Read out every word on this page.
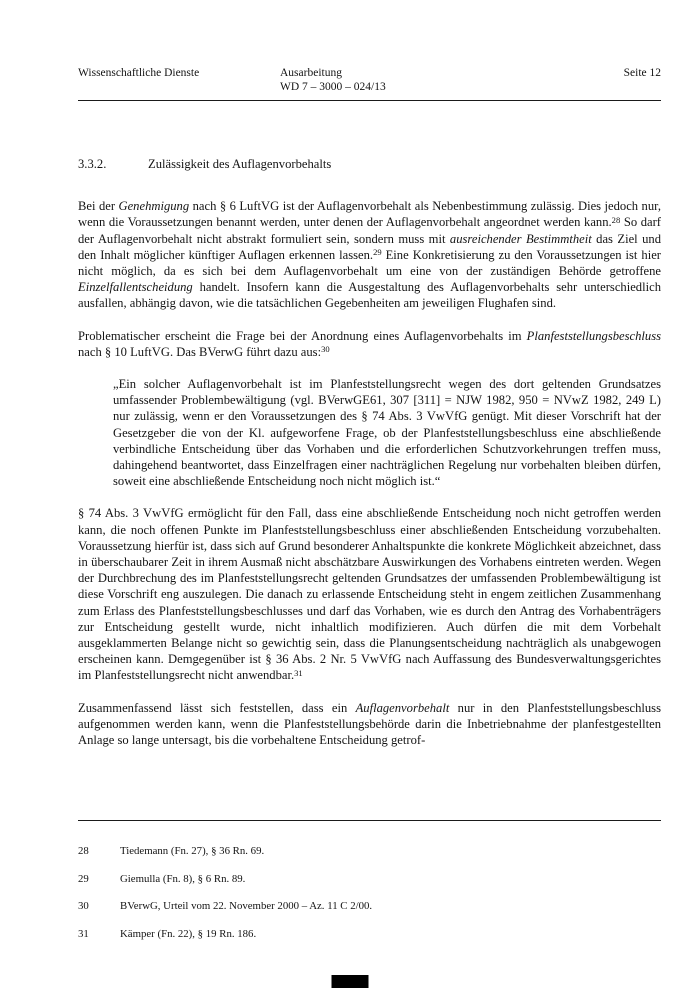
Wissenschaftliche Dienste	Ausarbeitung
WD 7 – 3000 – 024/13
Seite 12
3.3.2.	Zulässigkeit des Auflagenvorbehalts

Bei der Genehmigung nach § 6 LuftVG ist der Auflagenvorbehalt als Nebenbestimmung zulässig. Dies jedoch nur, wenn die Voraussetzungen benannt werden, unter denen der Auflagenvorbehalt angeordnet werden kann.$^{28}$ So darf der Auflagenvorbehalt nicht abstrakt formuliert sein, sondern muss mit ausreichender Bestimmtheit das Ziel und den Inhalt möglicher künftiger Auflagen erkennen lassen.$^{29}$ Eine Konkretisierung zu den Voraussetzungen ist hier nicht möglich, da es sich bei dem Auflagenvorbehalt um eine von der zuständigen Behörde getroffene Einzelfallentscheidung handelt. Insofern kann die Ausgestaltung des Auflagenvorbehalts sehr unterschiedlich ausfallen, abhängig davon, wie die tatsächlichen Gegebenheiten am jeweiligen Flughafen sind.

Problematischer erscheint die Frage bei der Anordnung eines Auflagenvorbehalts im Planfeststellungsbeschluss nach § 10 LuftVG. Das BVerwG führt dazu aus:$^{30}$

„Ein solcher Auflagenvorbehalt ist im Planfeststellungsrecht wegen des dort geltenden Grundsatzes umfassender Problembewältigung (vgl. BVerwGE61, 307 [311] = NJW 1982, 950 = NVwZ 1982, 249 L) nur zulässig, wenn er den Voraussetzungen des § 74 Abs. 3 VwVfG genügt. Mit dieser Vorschrift hat der Gesetzgeber die von der Kl. aufgeworfene Frage, ob der Planfeststellungsbeschluss eine abschließende verbindliche Entscheidung über das Vorhaben und die erforderlichen Schutzvorkehrungen treffen muss, dahingehend beantwortet, dass Einzelfragen einer nachträglichen Regelung nur vorbehalten bleiben dürfen, soweit eine abschließende Entscheidung noch nicht möglich ist.“

§ 74 Abs. 3 VwVfG ermöglicht für den Fall, dass eine abschließende Entscheidung noch nicht getroffen werden kann, die noch offenen Punkte im Planfeststellungsbeschluss einer abschließenden Entscheidung vorzubehalten. Voraussetzung hierfür ist, dass sich auf Grund besonderer Anhaltspunkte die konkrete Möglichkeit abzeichnet, dass in überschaubarer Zeit in ihrem Ausmaß nicht abschätzbare Auswirkungen des Vorhabens eintreten werden. Wegen der Durchbrechung des im Planfeststellungsrecht geltenden Grundsatzes der umfassenden Problembewältigung ist diese Vorschrift eng auszulegen. Die danach zu erlassende Entscheidung steht in engem zeitlichen Zusammenhang zum Erlass des Planfeststellungsbeschlusses und darf das Vorhaben, wie es durch den Antrag des Vorhabenträgers zur Entscheidung gestellt wurde, nicht inhaltlich modifizieren. Auch dürfen die mit dem Vorbehalt ausgeklammerten Belange nicht so gewichtig sein, dass die Planungsentscheidung nachträglich als unabgewogen erscheinen kann. Demgegenüber ist § 36 Abs. 2 Nr. 5 VwVfG nach Auffassung des Bundesverwaltungsgerichtes im Planfeststellungsrecht nicht anwendbar.$^{31}$

Zusammenfassend lässt sich feststellen, dass ein Auflagenvorbehalt nur in den Planfeststellungsbeschluss aufgenommen werden kann, wenn die Planfeststellungsbehörde darin die Inbetriebnahme der planfestgestellten Anlage so lange untersagt, bis die vorbehaltene Entscheidung getrof-

28	Tiedemann (Fn. 27), § 36 Rn. 69.
29	Giemulla (Fn. 8), § 6 Rn. 89.
30	BVerwG, Urteil vom 22. November 2000 – Az. 11 C 2/00.
31	Kämper (Fn. 22), § 19 Rn. 186.
